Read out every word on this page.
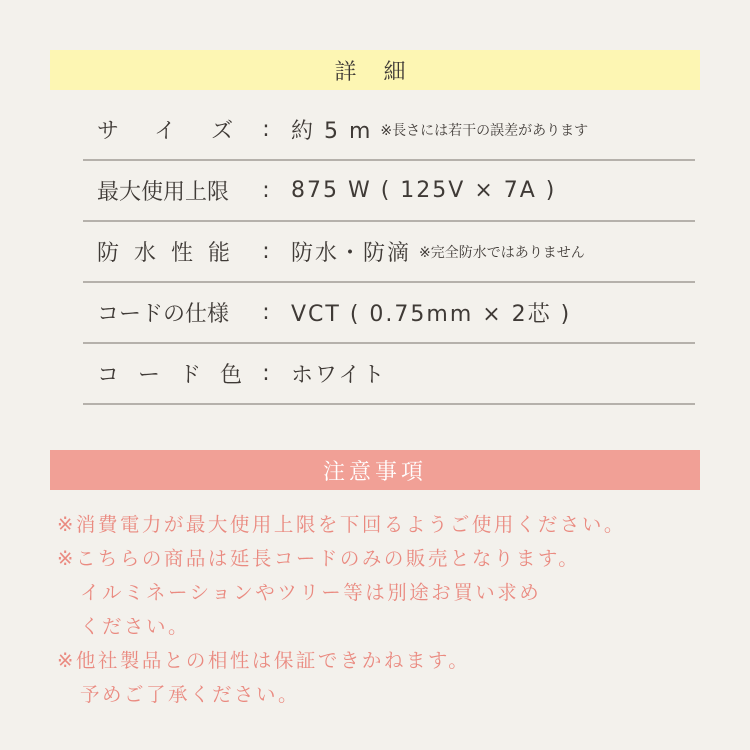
詳 細
サ イ ズ : 約 5 m ※長さには若干の誤差があります
最大使用上限	: 875 W ( 125V × 7A )
防 水 性 能	: 防水・防滴 ※完全防水ではありません
コードの仕様	: VCT ( 0.75mm × 2芯 )
コ ー ド 色 : ホワイト
注意事項
※消費電力が最大使用上限を下回るようご使用ください。
※こちらの商品は延長コードのみの販売となります。
イルミネーションやツリー等は別途お買い求め
ください。
※他社製品との相性は保証できかねます。
予めご了承ください。
